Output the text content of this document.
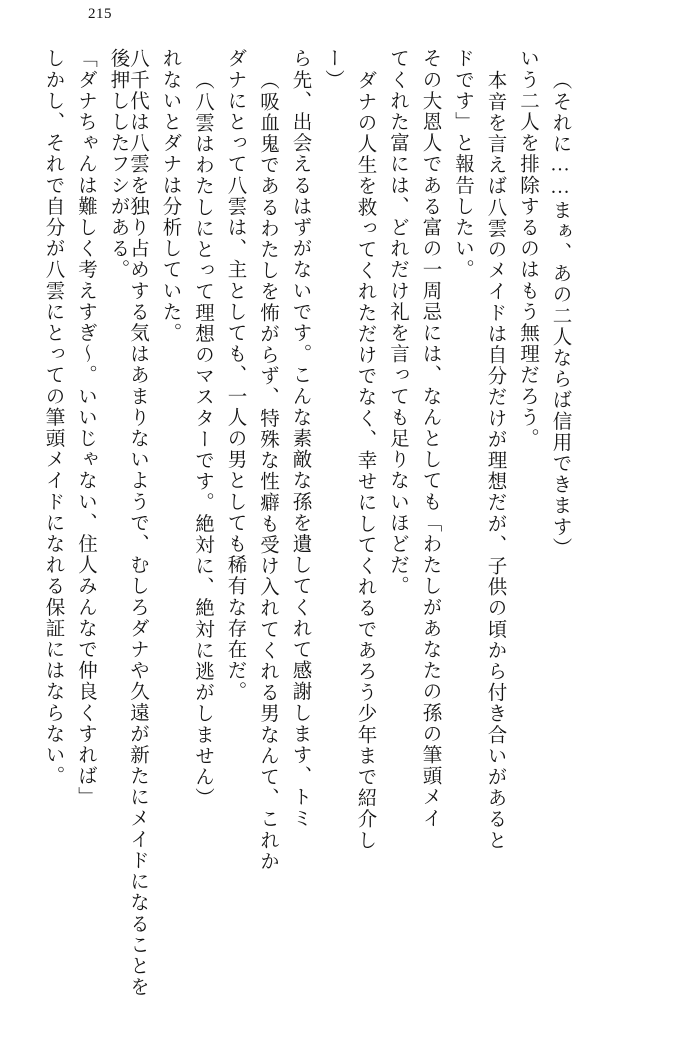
215
しかし、それで自分が八雲にとっての筆頭メイドになれる保証にはならない。 「ダナちゃんは難しく考えすぎ〜。いいじゃない、住人みんなで仲良くすれば」	八千代は八雲を独り占めする気はあまりないようで、むしろダナや久遠が新たにメイドになることを後押ししたフシがある。	れないとダナは分析していた。 （八雲はわたしにとって理想のマスターです。絶対に、絶対に逃がしません） ダナにとって八雲は、主としても、一人の男としても稀有な存在だ。 （吸血鬼であるわたしを怖がらず、特殊な性癖も受け入れてくれる男なんて、これか ら先、出会えるはずがないです。こんな素敵な孫を遺してくれて感謝します、トミ ー）
ダナの人生を救ってくれただけでなく、幸せにしてくれるであろう少年まで紹介し てくれた富には、どれだけ礼を言っても足りないほどだ。 その大恩人である富の一周忌には、なんとしても「わたしがあなたの孫の筆頭メイ ドです」と報告したい。 本音を言えば八雲のメイドは自分だけが理想だが、子供の頃から付き合いがあると いう二人を排除するのはもう無理だろう。 （それに……まぁ、あの二人ならば信用できます）
